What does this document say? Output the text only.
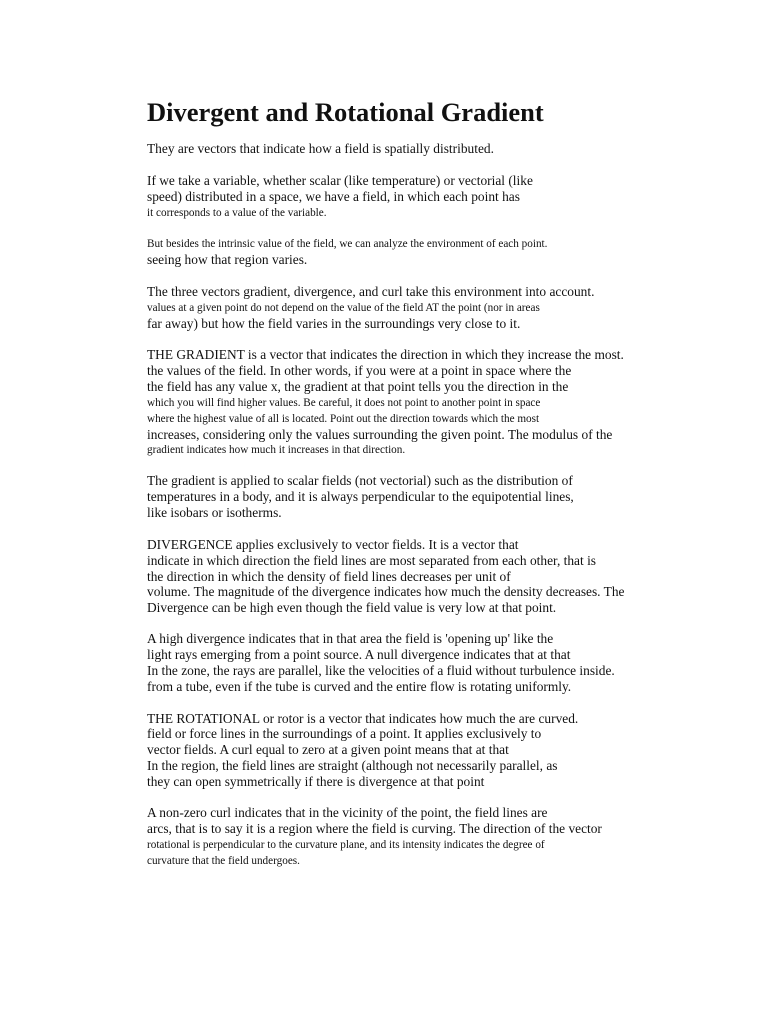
Divergent and Rotational Gradient
They are vectors that indicate how a field is spatially distributed.
If we take a variable, whether scalar (like temperature) or vectorial (like
speed) distributed in a space, we have a field, in which each point has
it corresponds to a value of the variable.
But besides the intrinsic value of the field, we can analyze the environment of each point.
seeing how that region varies.
The three vectors gradient, divergence, and curl take this environment into account.
values at a given point do not depend on the value of the field AT the point (nor in areas
far away) but how the field varies in the surroundings very close to it.
THE GRADIENT is a vector that indicates the direction in which they increase the most.
the values of the field. In other words, if you were at a point in space where the
the field has any value x, the gradient at that point tells you the direction in the
which you will find higher values. Be careful, it does not point to another point in space
where the highest value of all is located. Point out the direction towards which the most
increases, considering only the values surrounding the given point. The modulus of the
gradient indicates how much it increases in that direction.
The gradient is applied to scalar fields (not vectorial) such as the distribution of
temperatures in a body, and it is always perpendicular to the equipotential lines,
like isobars or isotherms.
DIVERGENCE applies exclusively to vector fields. It is a vector that
indicate in which direction the field lines are most separated from each other, that is
the direction in which the density of field lines decreases per unit of
volume. The magnitude of the divergence indicates how much the density decreases. The
Divergence can be high even though the field value is very low at that point.
A high divergence indicates that in that area the field is 'opening up' like the
light rays emerging from a point source. A null divergence indicates that at that
In the zone, the rays are parallel, like the velocities of a fluid without turbulence inside.
from a tube, even if the tube is curved and the entire flow is rotating uniformly.
THE ROTATIONAL or rotor is a vector that indicates how much the are curved.
field or force lines in the surroundings of a point. It applies exclusively to
vector fields. A curl equal to zero at a given point means that at that
In the region, the field lines are straight (although not necessarily parallel, as
they can open symmetrically if there is divergence at that point
A non-zero curl indicates that in the vicinity of the point, the field lines are
arcs, that is to say it is a region where the field is curving. The direction of the vector
rotational is perpendicular to the curvature plane, and its intensity indicates the degree of
curvature that the field undergoes.
